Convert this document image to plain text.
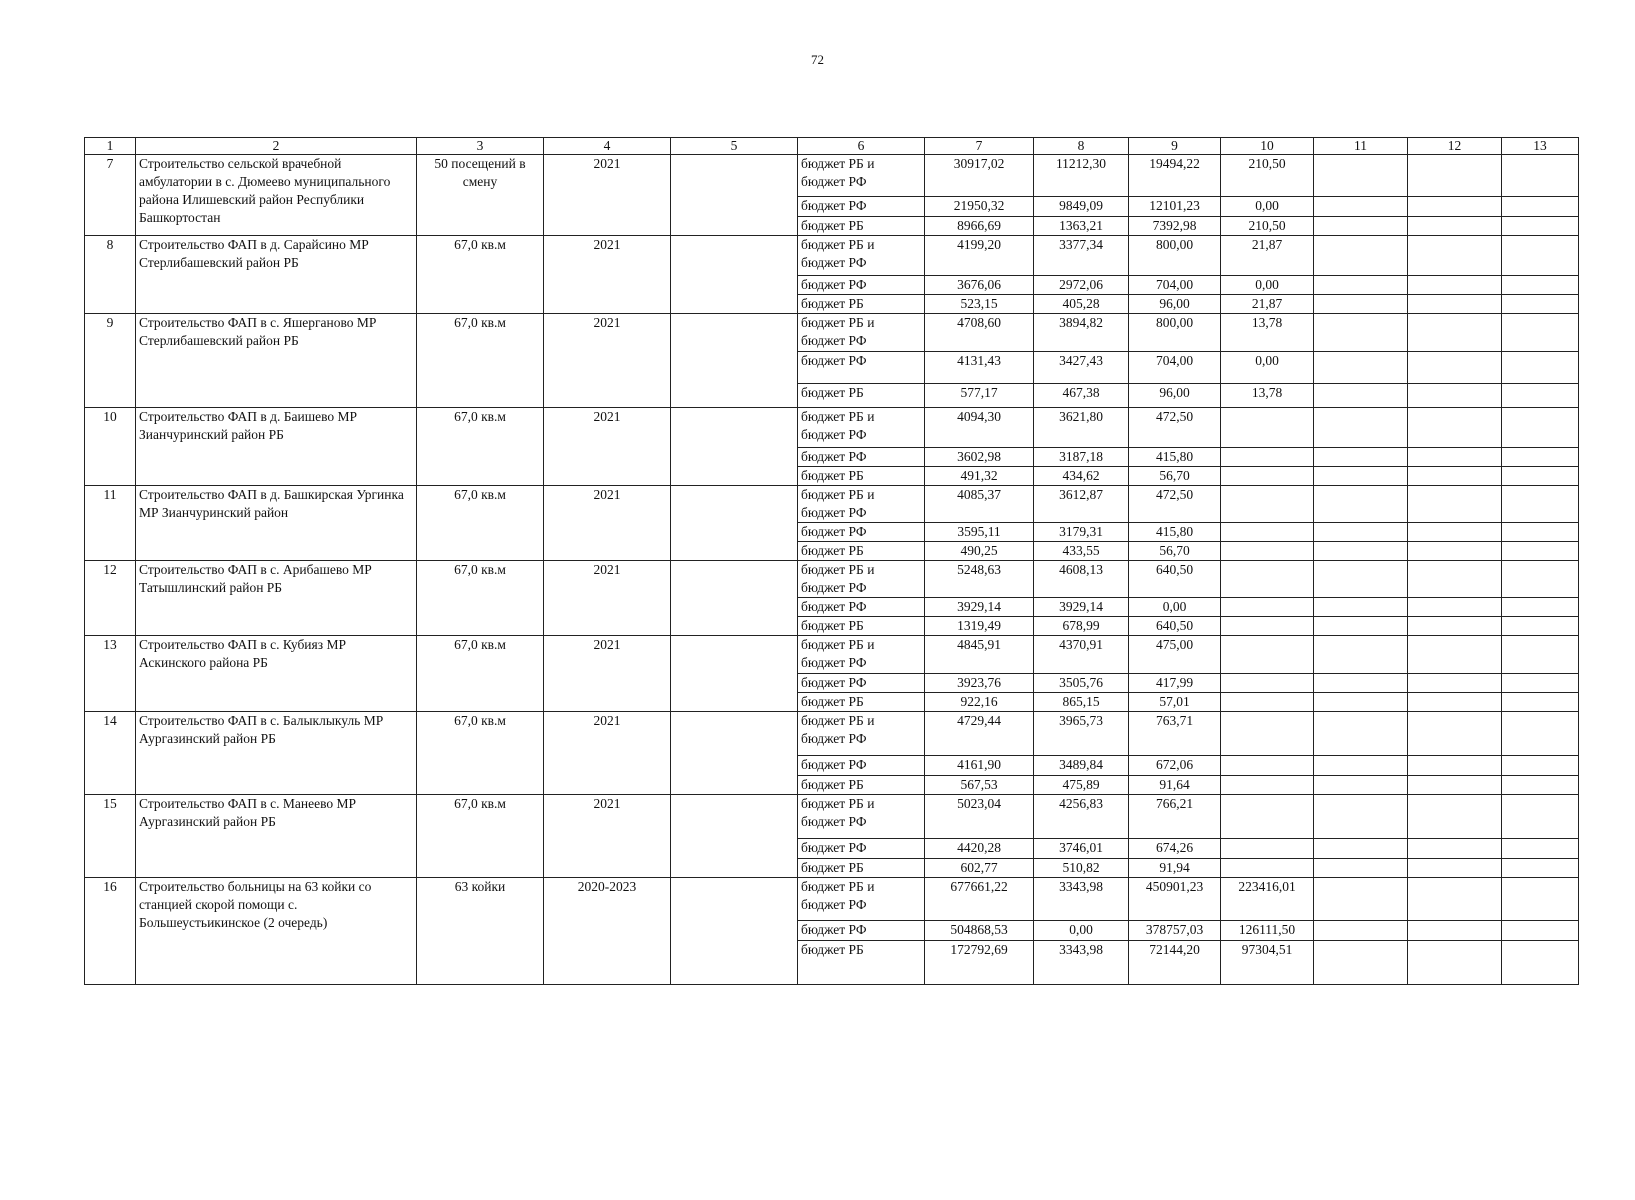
72
1	2	3	4	5	6	7	8	9	10	11	12	13
7	Строительство сельской врачебной амбулатории в с. Дюмеево муниципального района Илишевский район Республики Башкортостан	50 посещений в смену	2021		бюджет РБ и бюджет РФ	30917,02	11212,30	19494,22	210,50			
					бюджет РФ	21950,32	9849,09	12101,23	0,00			
					бюджет РБ	8966,69	1363,21	7392,98	210,50			
8	Строительство ФАП в д. Сарайсино МР Стерлибашевский район РБ	67,0 кв.м	2021		бюджет РБ и бюджет РФ	4199,20	3377,34	800,00	21,87			
					бюджет РФ	3676,06	2972,06	704,00	0,00			
					бюджет РБ	523,15	405,28	96,00	21,87			
9	Строительство ФАП в с. Яшерганово МР Стерлибашевский район РБ	67,0 кв.м	2021		бюджет РБ и бюджет РФ	4708,60	3894,82	800,00	13,78			
					бюджет РФ	4131,43	3427,43	704,00	0,00			
					бюджет РБ	577,17	467,38	96,00	13,78			
10	Строительство ФАП в д. Баишево МР Зианчуринский район РБ	67,0 кв.м	2021		бюджет РБ и бюджет РФ	4094,30	3621,80	472,50				
					бюджет РФ	3602,98	3187,18	415,80				
					бюджет РБ	491,32	434,62	56,70				
11	Строительство ФАП в д. Башкирская Ургинка МР Зианчуринский район	67,0 кв.м	2021		бюджет РБ и бюджет РФ	4085,37	3612,87	472,50				
					бюджет РФ	3595,11	3179,31	415,80				
					бюджет РБ	490,25	433,55	56,70				
12	Строительство ФАП в с. Арибашево МР Татышлинский район РБ	67,0 кв.м	2021		бюджет РБ и бюджет РФ	5248,63	4608,13	640,50				
					бюджет РФ	3929,14	3929,14	0,00				
					бюджет РБ	1319,49	678,99	640,50				
13	Строительство ФАП в с. Кубияз МР Аскинского района РБ	67,0 кв.м	2021		бюджет РБ и бюджет РФ	4845,91	4370,91	475,00				
					бюджет РФ	3923,76	3505,76	417,99				
					бюджет РБ	922,16	865,15	57,01				
14	Строительство ФАП в с. Балыклыкуль МР Аургазинский район РБ	67,0 кв.м	2021		бюджет РБ и бюджет РФ	4729,44	3965,73	763,71				
					бюджет РФ	4161,90	3489,84	672,06				
					бюджет РБ	567,53	475,89	91,64				
15	Строительство ФАП в с. Манеево МР Аургазинский район РБ	67,0 кв.м	2021		бюджет РБ и бюджет РФ	5023,04	4256,83	766,21				
					бюджет РФ	4420,28	3746,01	674,26				
					бюджет РБ	602,77	510,82	91,94				
16	Строительство больницы на 63 койки со станцией скорой помощи с. Большеустьикинское (2 очередь)	63 койки	2020-2023		бюджет РБ и бюджет РФ	677661,22	3343,98	450901,23	223416,01			
					бюджет РФ	504868,53	0,00	378757,03	126111,50			
					бюджет РБ	172792,69	3343,98	72144,20	97304,51			
